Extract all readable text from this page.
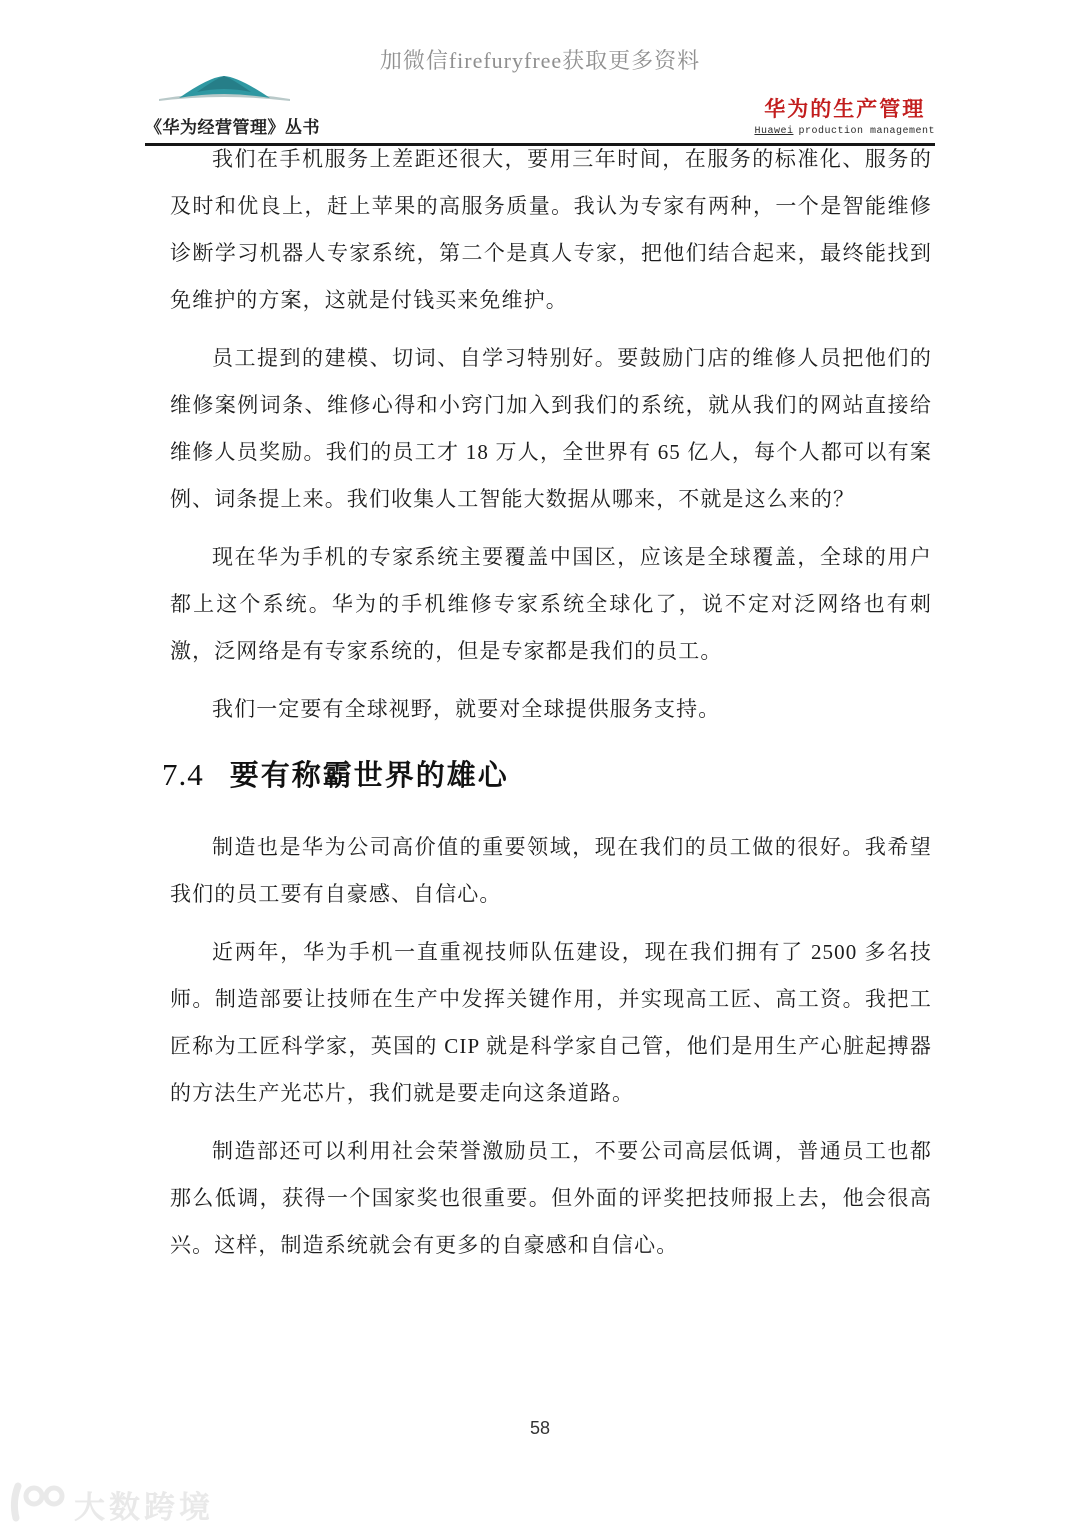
加微信firefuryfree获取更多资料
《华为经营管理》丛书
华为的生产管理
Huawei production management

我们在手机服务上差距还很大，要用三年时间，在服务的标准化、服务的及时和优良上，赶上苹果的高服务质量。我认为专家有两种，一个是智能维修诊断学习机器人专家系统，第二个是真人专家，把他们结合起来，最终能找到免维护的方案，这就是付钱买来免维护。

员工提到的建模、切词、自学习特别好。要鼓励门店的维修人员把他们的维修案例词条、维修心得和小窍门加入到我们的系统，就从我们的网站直接给维修人员奖励。我们的员工才 18 万人，全世界有 65 亿人，每个人都可以有案例、词条提上来。我们收集人工智能大数据从哪来，不就是这么来的？

现在华为手机的专家系统主要覆盖中国区，应该是全球覆盖，全球的用户都上这个系统。华为的手机维修专家系统全球化了，说不定对泛网络也有刺激，泛网络是有专家系统的，但是专家都是我们的员工。

我们一定要有全球视野，就要对全球提供服务支持。

7.4 要有称霸世界的雄心

制造也是华为公司高价值的重要领域，现在我们的员工做的很好。我希望我们的员工要有自豪感、自信心。

近两年，华为手机一直重视技师队伍建设，现在我们拥有了 2500 多名技师。制造部要让技师在生产中发挥关键作用，并实现高工匠、高工资。我把工匠称为工匠科学家，英国的 CIP 就是科学家自己管，他们是用生产心脏起搏器的方法生产光芯片，我们就是要走向这条道路。

制造部还可以利用社会荣誉激励员工，不要公司高层低调，普通员工也都那么低调，获得一个国家奖也很重要。但外面的评奖把技师报上去，他会很高兴。这样，制造系统就会有更多的自豪感和自信心。

58
大数跨境
